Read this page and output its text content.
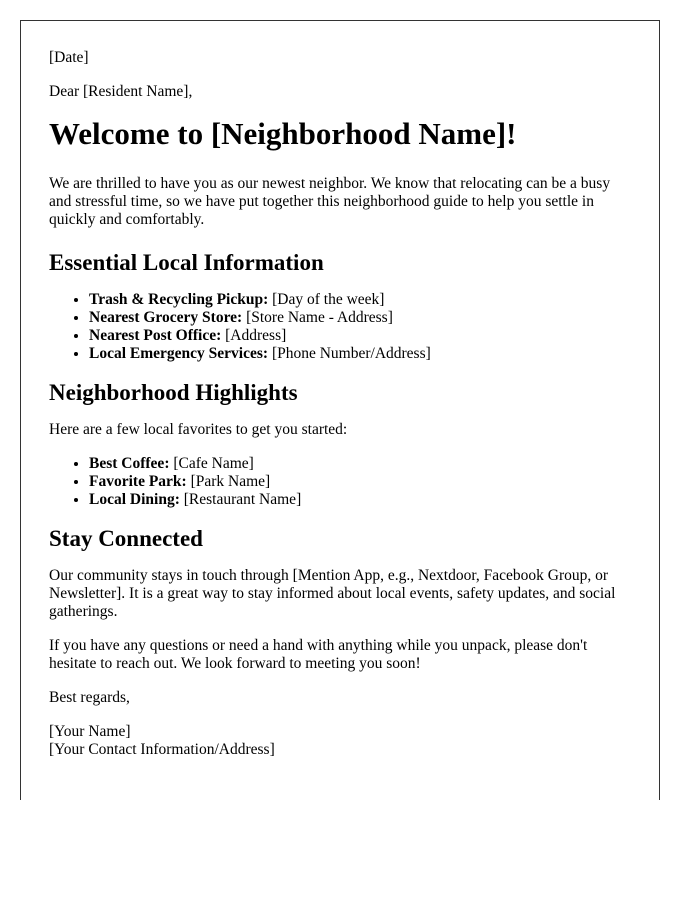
[Date]

Dear [Resident Name],

Welcome to [Neighborhood Name]!

We are thrilled to have you as our newest neighbor. We know that relocating can be a busy and stressful time, so we have put together this neighborhood guide to help you settle in quickly and comfortably.

Essential Local Information
• Trash & Recycling Pickup: [Day of the week]
• Nearest Grocery Store: [Store Name - Address]
• Nearest Post Office: [Address]
• Local Emergency Services: [Phone Number/Address]
Neighborhood Highlights

Here are a few local favorites to get you started:

• Best Coffee: [Cafe Name]
• Favorite Park: [Park Name]
• Local Dining: [Restaurant Name]
Stay Connected

Our community stays in touch through [Mention App, e.g., Nextdoor, Facebook Group, or Newsletter]. It is a great way to stay informed about local events, safety updates, and social gatherings.

If you have any questions or need a hand with anything while you unpack, please don't hesitate to reach out. We look forward to meeting you soon!

Best regards,

[Your Name]

[Your Contact Information/Address]
